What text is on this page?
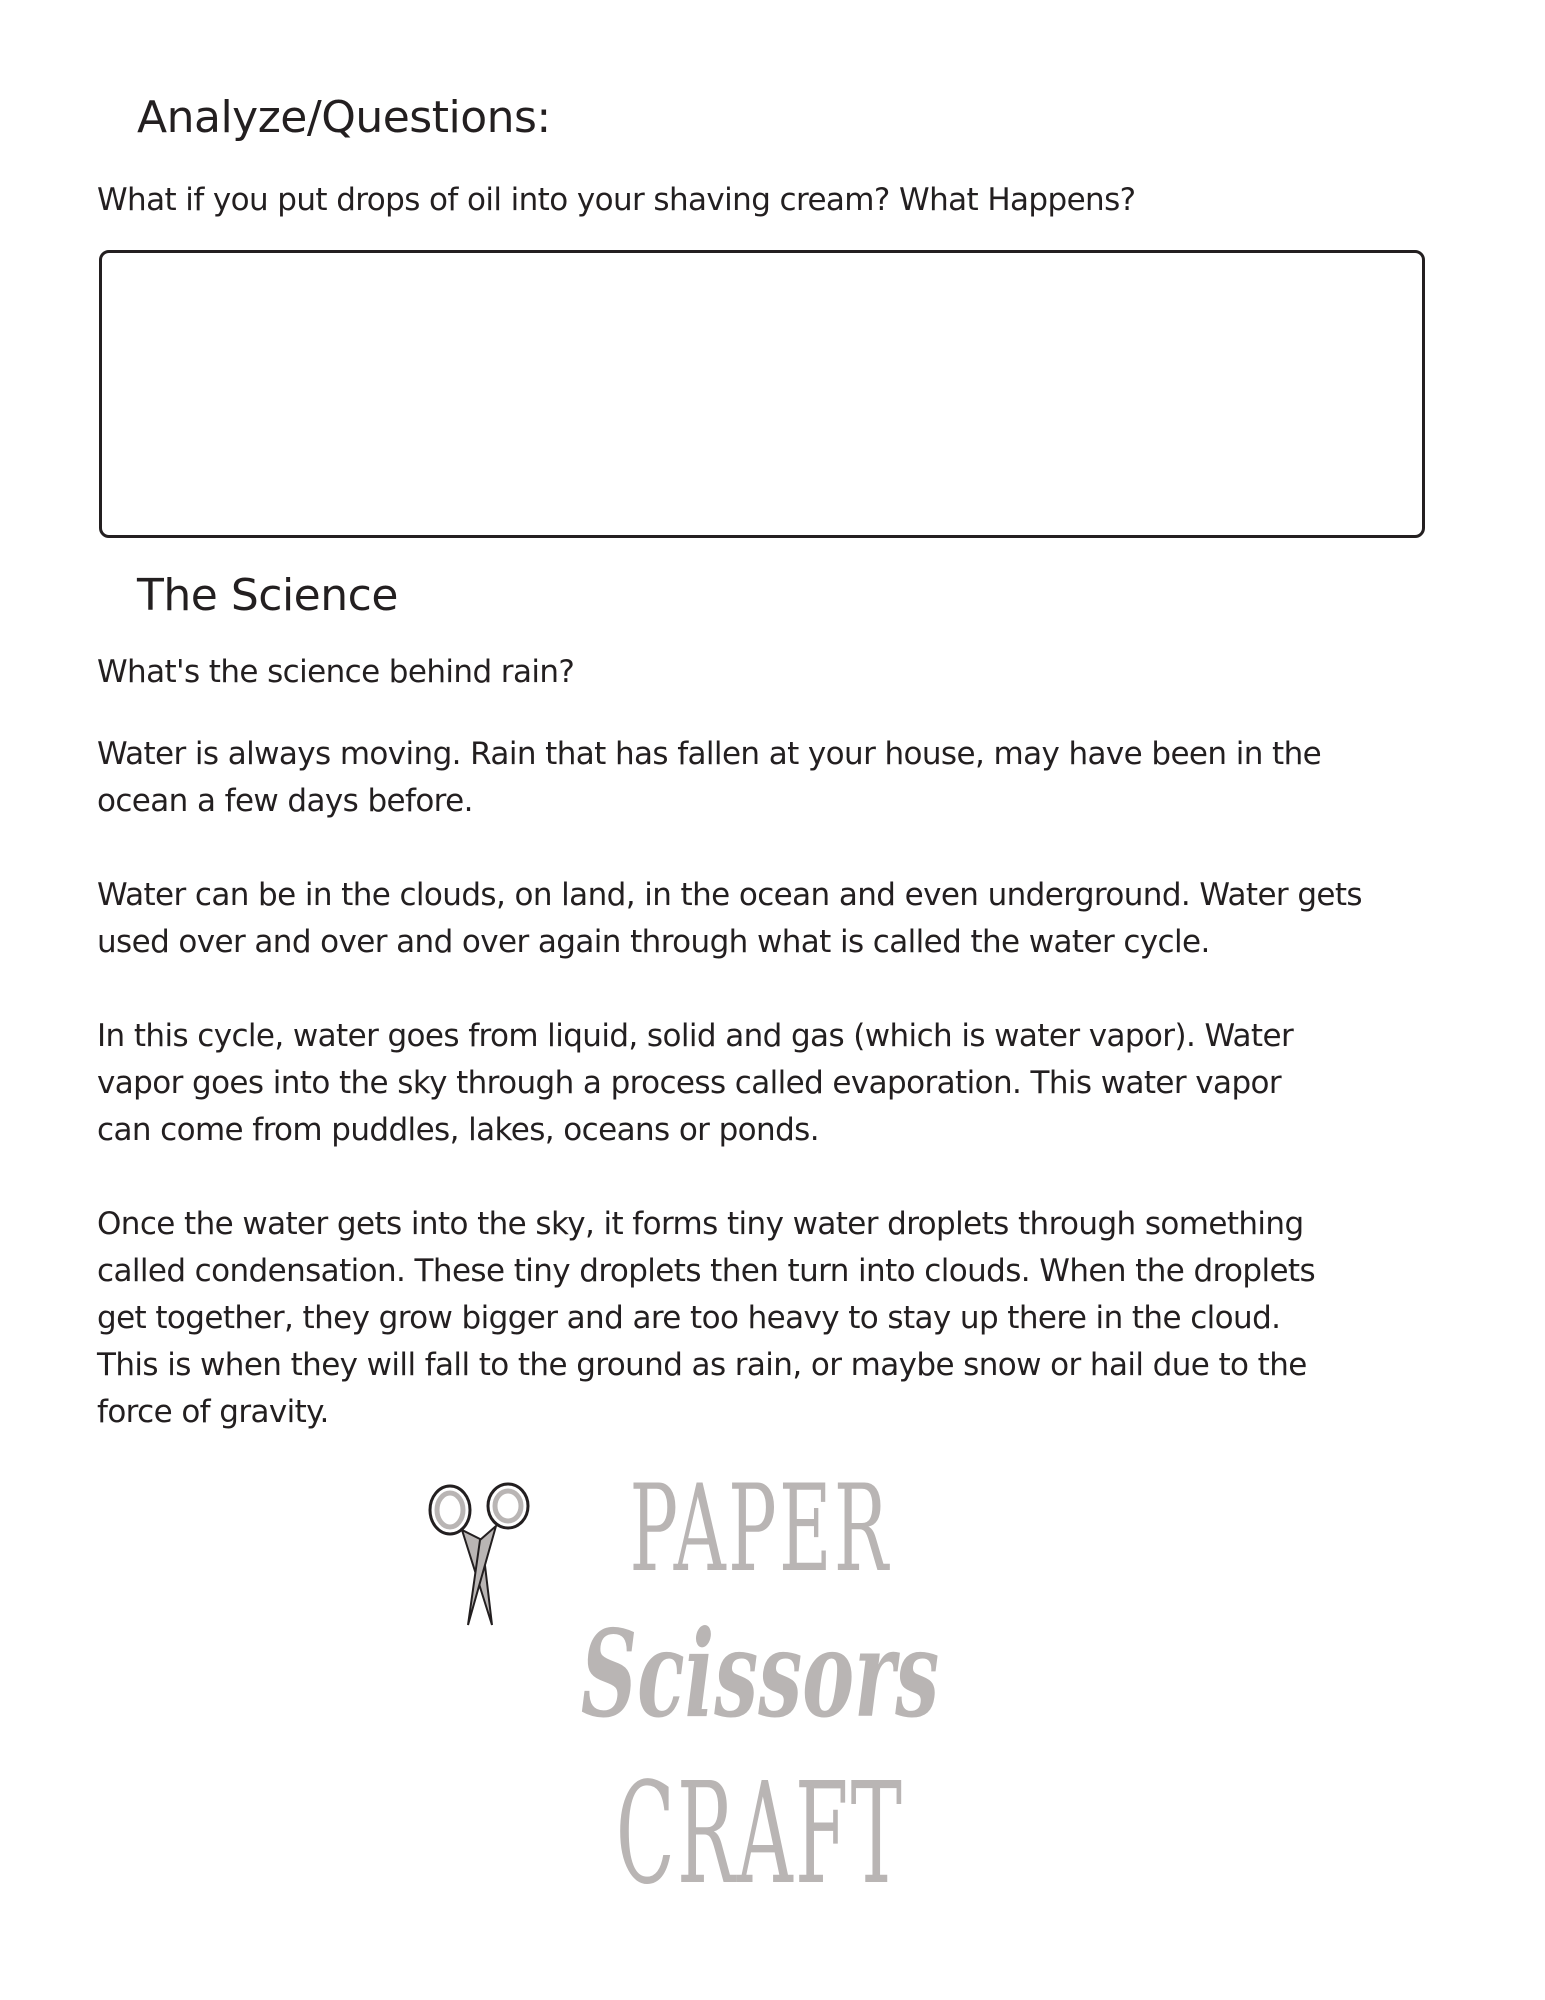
Analyze/Questions:
What if you put drops of oil into your shaving cream? What Happens?
The Science
What's the science behind rain?
Water is always moving. Rain that has fallen at your house, may have been in the
ocean a few days before.
Water can be in the clouds, on land, in the ocean and even underground. Water gets
used over and over and over again through what is called the water cycle.
In this cycle, water goes from liquid, solid and gas (which is water vapor). Water
vapor goes into the sky through a process called evaporation. This water vapor
can come from puddles, lakes, oceans or ponds.
Once the water gets into the sky, it forms tiny water droplets through something
called condensation. These tiny droplets then turn into clouds. When the droplets
get together, they grow bigger and are too heavy to stay up there in the cloud.
This is when they will fall to the ground as rain, or maybe snow or hail due to the
force of gravity.
PAPER
Scissors
CRAFT
